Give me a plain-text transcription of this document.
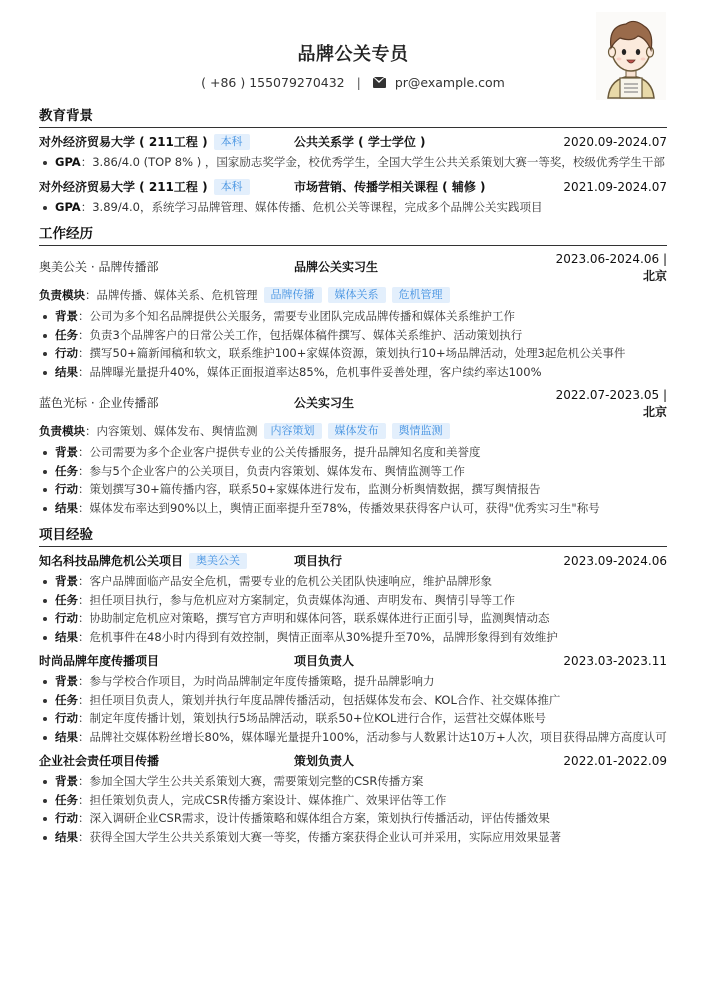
品牌公关专员
( +86 ) 15507927043​2 |	pr@example.com
教育背景
对外经济贸易大学 ( 211工程 )	本科	公共关系学 ( 学士学位 )	2020.09-2024.07
GPA：3.86/4.0 (TOP 8% ) ，国家励志奖学金，校优秀学生，全国大学生公共关系策划大赛一等奖，校级优秀学生干部
对外经济贸易大学 ( 211工程 )	本科	市场营销、传播学相关课程 ( 辅修 )	2021.09-2024.07
GPA：3.89/4.0，系统学习品牌管理、媒体传播、危机公关等课程，完成多个品牌公关实践项目
工作经历
奥美公关 · 品牌传播部	品牌公关实习生
2023.06-2024.06 |
北京
负责模块 ：品牌传播、媒体关系、危机管理	品牌传播	媒体关系	危机管理
背景：公司为多个知名品牌提供公关服务，需要专业团队完成品牌传播和媒体关系维护工作
任务：负责3个品牌客户的日常公关工作，包括媒体稿件撰写、媒体关系维护、活动策划执行
行动：撰写50+篇新闻稿和软文，联系维护100+家媒体资源，策划执行10+场品牌活动，处理3起危机公关事件
结果：品牌曝光量提升40%，媒体正面报道率达85%，危机事件妥善处理，客户续约率达100%
蓝色光标 · 企业传播部	公关实习生
2022.07-2023.05 |
北京
负责模块 ：内容策划、媒体发布、舆情监测	内容策划	媒体发布	舆情监测
背景：公司需要为多个企业客户提供专业的公关传播服务，提升品牌知名度和美誉度
任务：参与5个企业客户的公关项目，负责内容策划、媒体发布、舆情监测等工作
行动：策划撰写30+篇传播内容，联系50+家媒体进行发布，监测分析舆情数据，撰写舆情报告
结果：媒体发布率达到90%以上，舆情正面率提升至78%，传播效果获得客户认可，获得"优秀实习生"称号
项目经验
知名科技品牌危机公关项目	奥美公关	项目执行	2023.09-2024.06
背景：客户品牌面临产品安全危机，需要专业的危机公关团队快速响应，维护品牌形象
任务：担任项目执行，参与危机应对方案制定，负责媒体沟通、声明发布、舆情引导等工作
行动：协助制定危机应对策略，撰写官方声明和媒体问答，联系媒体进行正面引导，监测舆情动态
结果：危机事件在48小时内得到有效控制，舆情正面率从30%提升至70%，品牌形象得到有效维护
时尚品牌年度传播项目	项目负责人	2023.03-2023.11
背景：参与学校合作项目，为时尚品牌制定年度传播策略，提升品牌影响力
任务：担任项目负责人，策划并执行年度品牌传播活动，包括媒体发布会、KOL合作、社交媒体推广
行动：制定年度传播计划，策划执行5场品牌活动，联系50+位KOL进行合作，运营社交媒体账号
结果：品牌社交媒体粉丝增长80%，媒体曝光量提升100%，活动参与人数累计达10万+人次，项目获得品牌方高度认可
企业社会责任项目传播	策划负责人	2022.01-2022.09
背景：参加全国大学生公共关系策划大赛，需要策划完整的CSR传播方案
任务：担任策划负责人，完成CSR传播方案设计、媒体推广、效果评估等工作
行动：深入调研企业CSR需求，设计传播策略和媒体组合方案，策划执行传播活动，评估传播效果
结果：获得全国大学生公共关系策划大赛一等奖，传播方案获得企业认可并采用，实际应用效果显著
